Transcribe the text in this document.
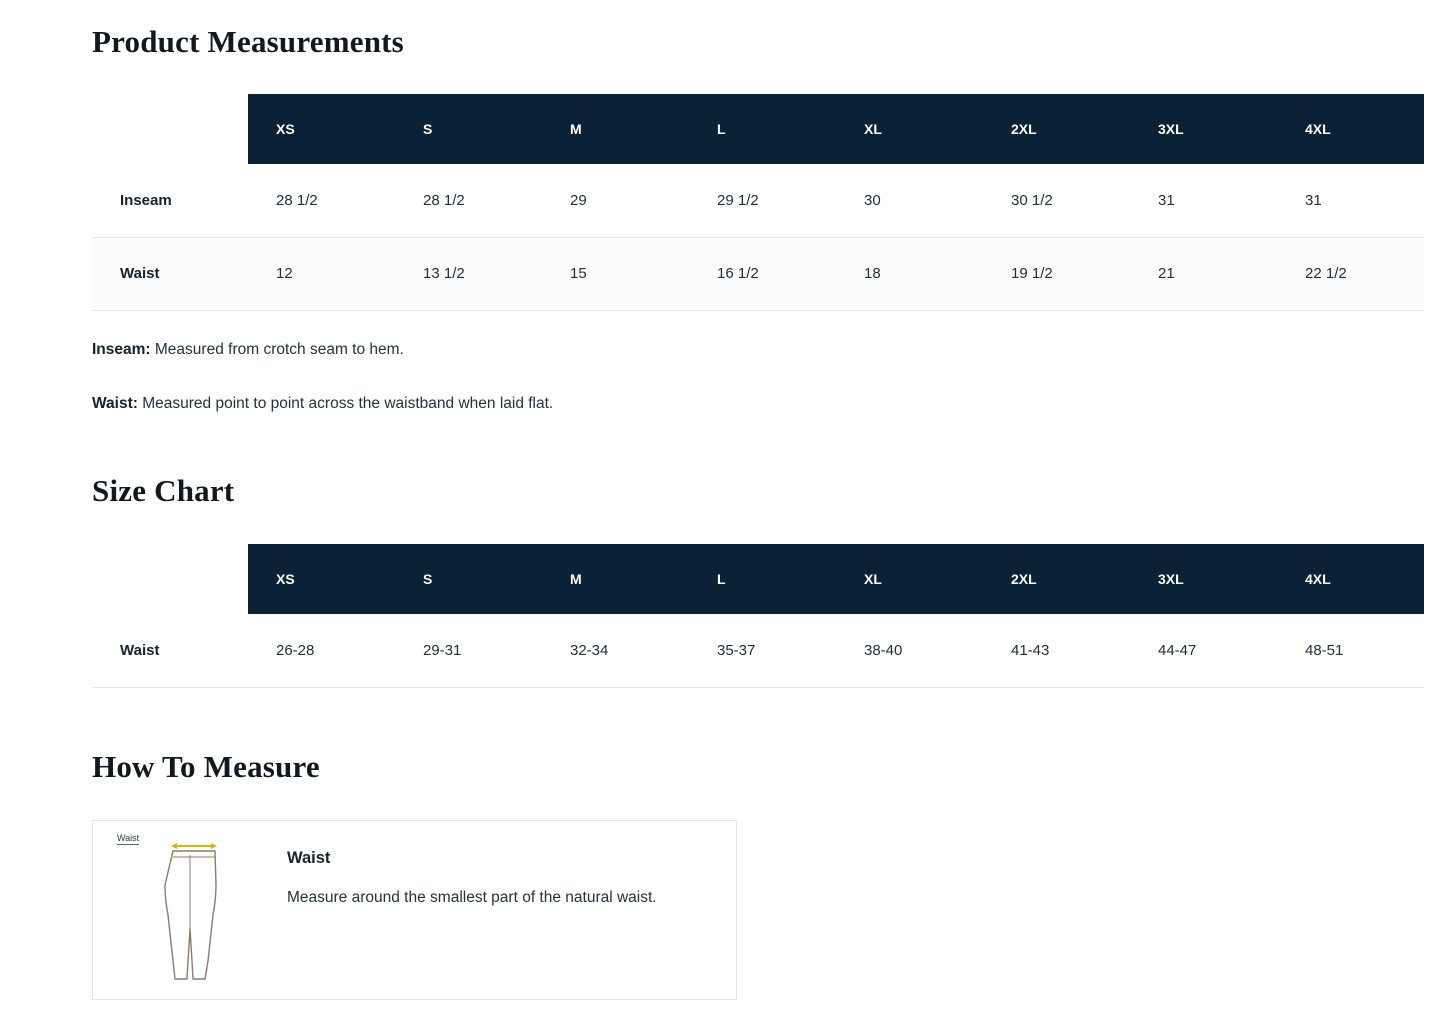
Product Measurements
	XS	S	M	L	XL	2XL	3XL	4XL
Inseam	28 1/2	28 1/2	29	29 1/2	30	30 1/2	31	31
Waist	12	13 1/2	15	16 1/2	18	19 1/2	21	22 1/2
Inseam: Measured from crotch seam to hem.
Waist: Measured point to point across the waistband when laid flat.
Size Chart
	XS	S	M	L	XL	2XL	3XL	4XL
Waist	26-28	29-31	32-34	35-37	38-40	41-43	44-47	48-51
How To Measure
Waist
Waist

Measure around the smallest part of the natural waist.
